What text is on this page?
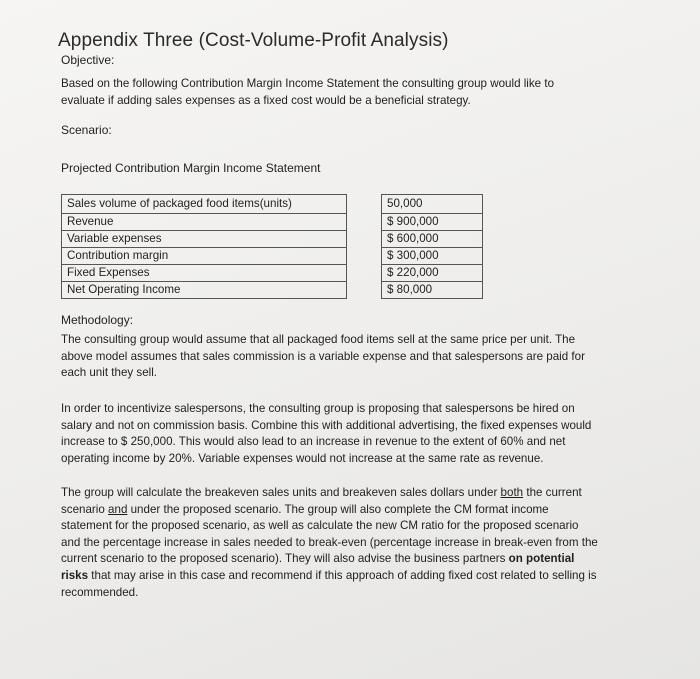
Appendix Three (Cost-Volume-Profit Analysis)
Objective:
Based on the following Contribution Margin Income Statement the consulting group would like to
evaluate if adding sales expenses as a fixed cost would be a beneficial strategy.
Scenario:
Projected Contribution Margin Income Statement
Sales volume of packaged food items(units)		50,000
Revenue		$ 900,000
Variable expenses		$ 600,000
Contribution margin		$ 300,000
Fixed Expenses		$ 220,000
Net Operating Income		$ 80,000
Methodology:
The consulting group would assume that all packaged food items sell at the same price per unit. The
above model assumes that sales commission is a variable expense and that salespersons are paid for
each unit they sell.
In order to incentivize salespersons, the consulting group is proposing that salespersons be hired on
salary and not on commission basis. Combine this with additional advertising, the fixed expenses would
increase to $ 250,000. This would also lead to an increase in revenue to the extent of 60% and net
operating income by 20%. Variable expenses would not increase at the same rate as revenue.
The group will calculate the breakeven sales units and breakeven sales dollars under both the current
scenario and under the proposed scenario. The group will also complete the CM format income
statement for the proposed scenario, as well as calculate the new CM ratio for the proposed scenario
and the percentage increase in sales needed to break-even (percentage increase in break-even from the
current scenario to the proposed scenario). They will also advise the business partners on potential
risks that may arise in this case and recommend if this approach of adding fixed cost related to selling is
recommended.
